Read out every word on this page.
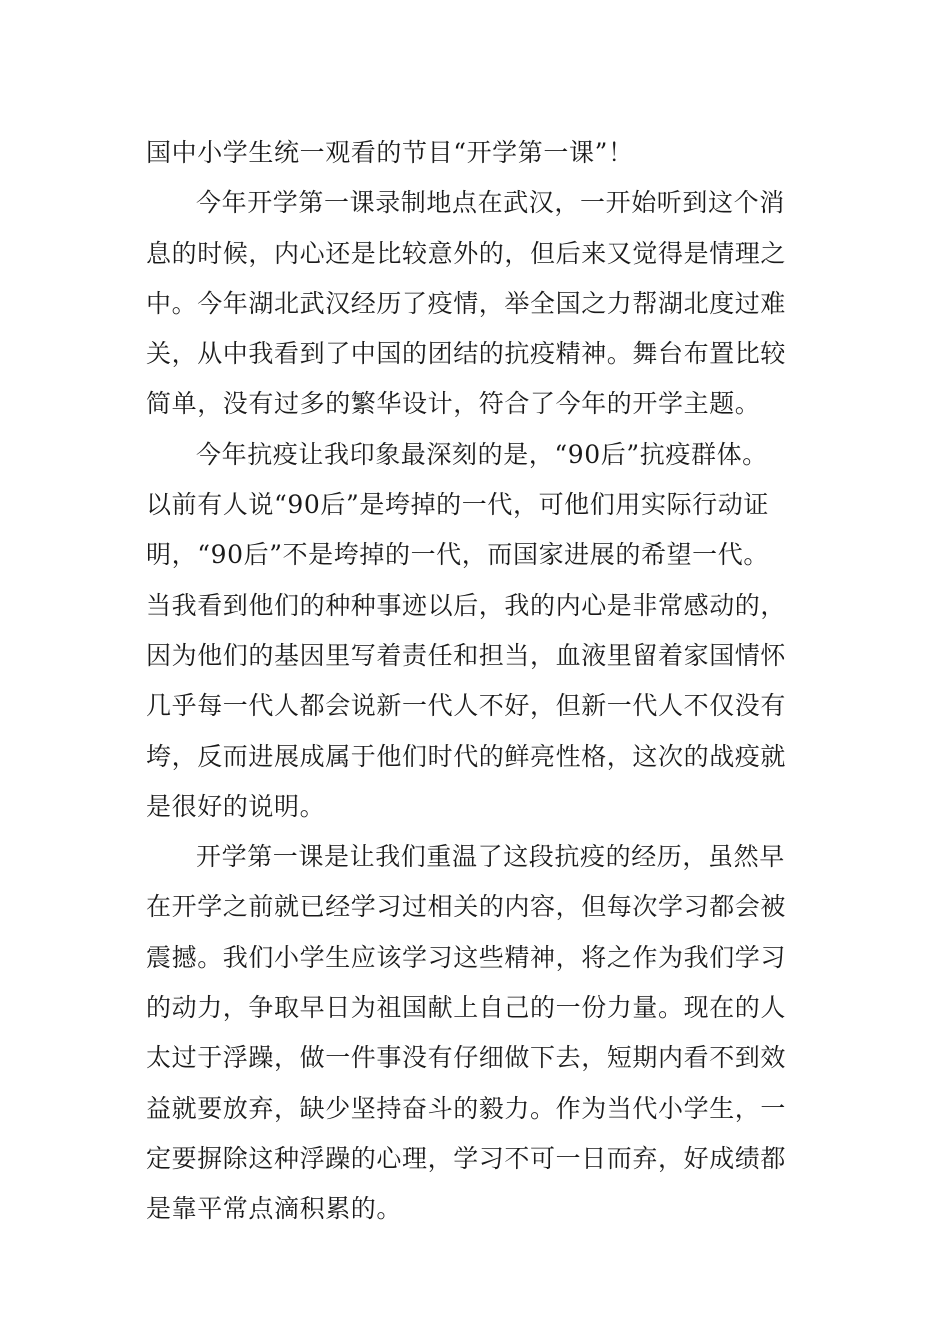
国中小学生统一观看的节目“开学第一课”！
今年开学第一课录制地点在武汉，一开始听到这个消
息的时候，内心还是比较意外的，但后来又觉得是情理之
中。今年湖北武汉经历了疫情，举全国之力帮湖北度过难
关，从中我看到了中国的团结的抗疫精神。舞台布置比较
简单，没有过多的繁华设计，符合了今年的开学主题。
今年抗疫让我印象最深刻的是，“90后”抗疫群体。
以前有人说“90后”是垮掉的一代，可他们用实际行动证
明，“90后”不是垮掉的一代，而国家进展的希望一代。
当我看到他们的种种事迹以后，我的内心是非常感动的，
因为他们的基因里写着责任和担当，血液里留着家国情怀
几乎每一代人都会说新一代人不好，但新一代人不仅没有
垮，反而进展成属于他们时代的鲜亮性格，这次的战疫就
是很好的说明。
开学第一课是让我们重温了这段抗疫的经历，虽然早
在开学之前就已经学习过相关的内容，但每次学习都会被
震撼。我们小学生应该学习这些精神，将之作为我们学习
的动力，争取早日为祖国献上自己的一份力量。现在的人
太过于浮躁，做一件事没有仔细做下去，短期内看不到效
益就要放弃，缺少坚持奋斗的毅力。作为当代小学生，一
定要摒除这种浮躁的心理，学习不可一日而弃，好成绩都
是靠平常点滴积累的。
